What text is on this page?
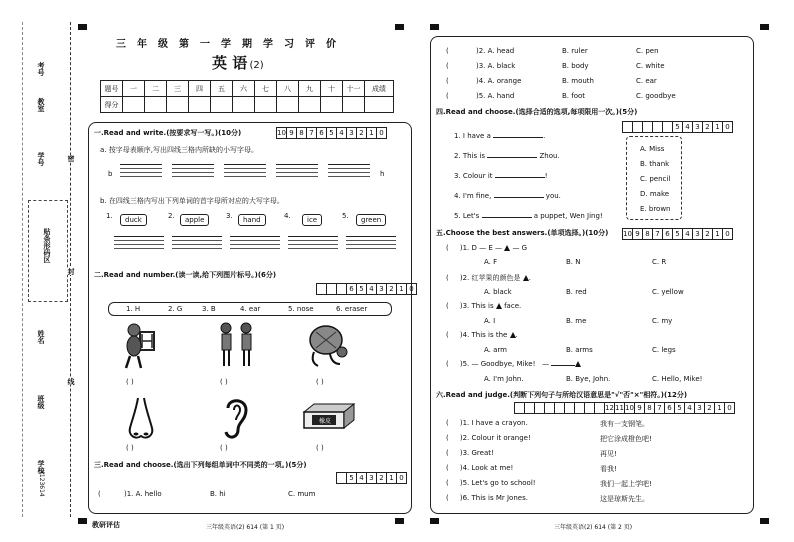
考号
教室
学号
贴条形码区
姓名
班级
学校
密
封
线
4123614
三年级第一学期学习评价
英 语 (2)
题号	一	二	三	四	五	六	七	八	九	十	十一	成绩
得分												
一.Read and write.(按要求写一写。)(10分)	10 9 8 7 6 5 4 3 2 1 0
a. 按字母表顺序,写出四线三格内所缺的小写字母。
b	h
b. 在四线三格内写出下列单词的首字母所对应的大写字母。
1.	duck	2.	apple	3.	hand	4.	ice	5.	green
二.Read and number.(读一读,给下列图片标号。)(6分)
6 5 4 3 2 1 0
1. H	2. G	3. B	4. ear	5. nose	6. eraser
( )	( )	( )
橡皮
( )	( )	( )
三.Read and choose.(选出下列每组单词中不同类的一项。)(5分)
5 4 3 2 1 0
(	)1. A. hello	B. hi	C. mum
(	)2. A. head	B. ruler	C. pen
(	)3. A. black	B. body	C. white
(	)4. A. orange	B. mouth	C. ear
(	)5. A. hand	B. foot	C. goodbye
四.Read and choose.(选择合适的选项,每项限用一次。)(5分)
5 4 3 2 1 0
1. I have a	.
2. This is	Zhou.
3. Colour it	!
4. I'm fine,	you.
5. Let's	a puppet, Wen Jing!
A. Miss
B. thank
C. pencil
D. make
E. brown
五.Choose the best answers.(单项选择。)(10分) 10 9 8 7 6 5 4 3 2 1 0
(     )1. D — E — — G
A. F	B. N	C. R
(     )2. 红苹果的颜色是 .
A. black	B. red	C. yellow
(     )3. This is face.
A. I	B. me	C. my
(     )4. This is the .
A. arm	B. arms	C. legs
(     )5. — Goodbye, Mike! —
A. I'm John.	B. Bye, John.	C. Hello, Mike!
六.Read and judge.(判断下列句子与所给汉语意思是"√"否"×"相符。)(12分)
12 11 10 9 8 7 6 5 4 3 2 1 0
(     )1. I have a crayon.	我有一支钢笔。
(     )2. Colour it orange!	把它涂成橙色吧!
(     )3. Great!	再见!
(     )4. Look at me!	看我!
(     )5. Let's go to school!	我们一起上学吧!
(     )6. This is Mr Jones.	这是琼斯先生。
教研评估	三年级英语(2) 614 (第 1 页)	三年级英语(2) 614 (第 2 页)
